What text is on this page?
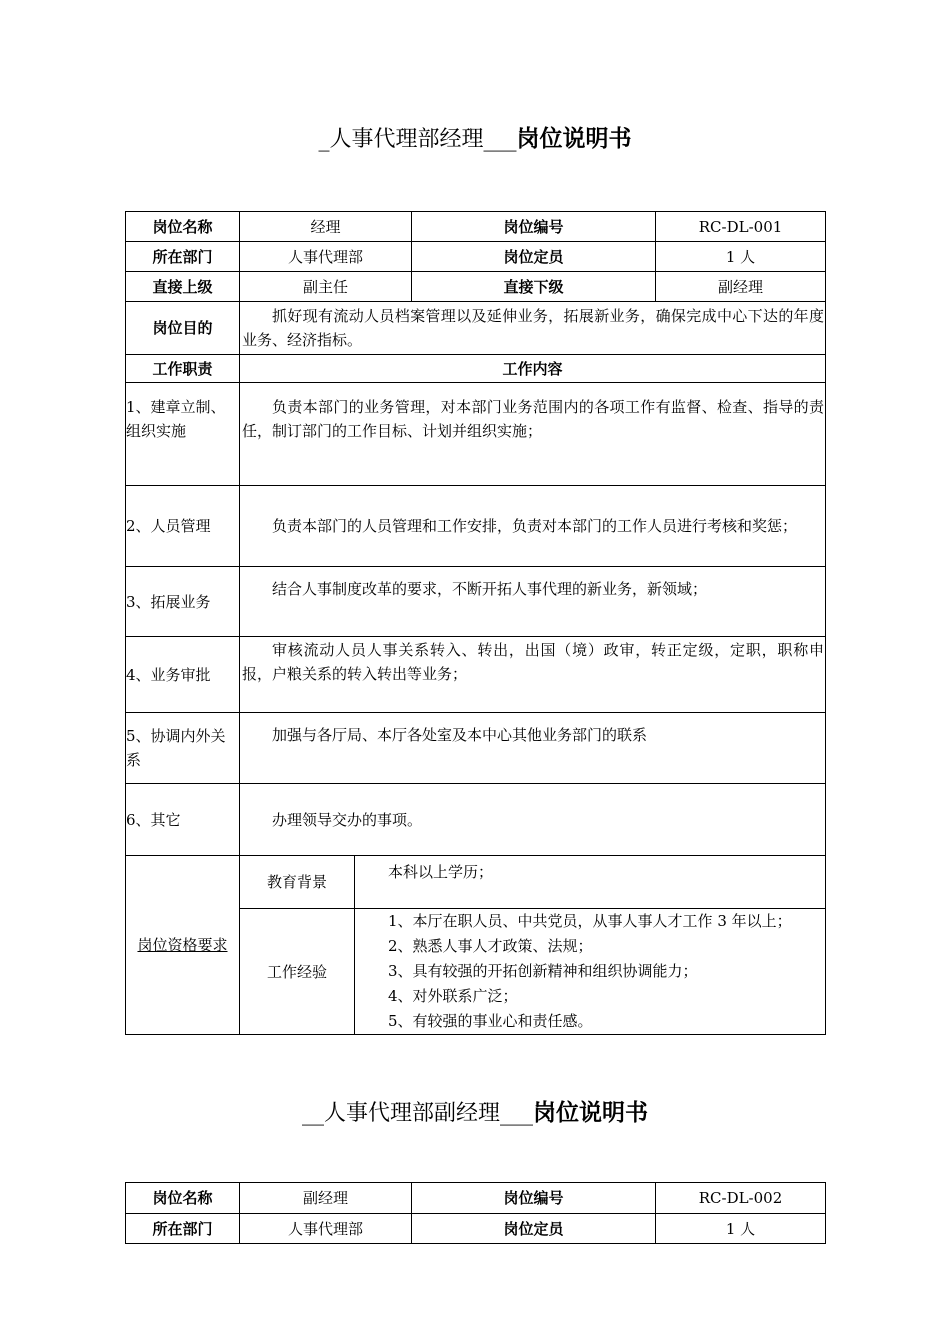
_人事代理部经理___岗位说明书
岗位名称	经理		岗位编号	RC-DL-001
所在部门	人事代理部		岗位定员	1 人
直接上级	副主任		直接下级	副经理
岗位目的	抓好现有流动人员档案管理以及延伸业务，拓展新业务，确保完成中心下达的年度业务、经济指标。			

工作职责	工作内容			
1、建章立制、组织实施	负责本部门的业务管理，对本部门业务范围内的各项工作有监督、检查、指导的责任，制订部门的工作目标、计划并组织实施；			

2、人员管理	负责本部门的人员管理和工作安排，负责对本部门的工作人员进行考核和奖惩；			

3、拓展业务	结合人事制度改革的要求，不断开拓人事代理的新业务，新领域；			

4、业务审批	审核流动人员人事关系转入、转出，出国（境）政审，转正定级，定职，职称申报，户粮关系的转入转出等业务；			

5、协调内外关系	加强与各厅局、本厅各处室及本中心其他业务部门的联系			

6、其它	办理领导交办的事项。			

岗位资格要求	教育背景	本科以上学历；		
	工作经验	1、本厅在职人员、中共党员，从事人事人才工作 3 年以上；
2、熟悉人事人才政策、法规；
3、具有较强的开拓创新精神和组织协调能力；
4、对外联系广泛；
5、有较强的事业心和责任感。		
__人事代理部副经理___岗位说明书
岗位名称	副经理	岗位编号	RC-DL-002
所在部门	人事代理部	岗位定员	1 人
